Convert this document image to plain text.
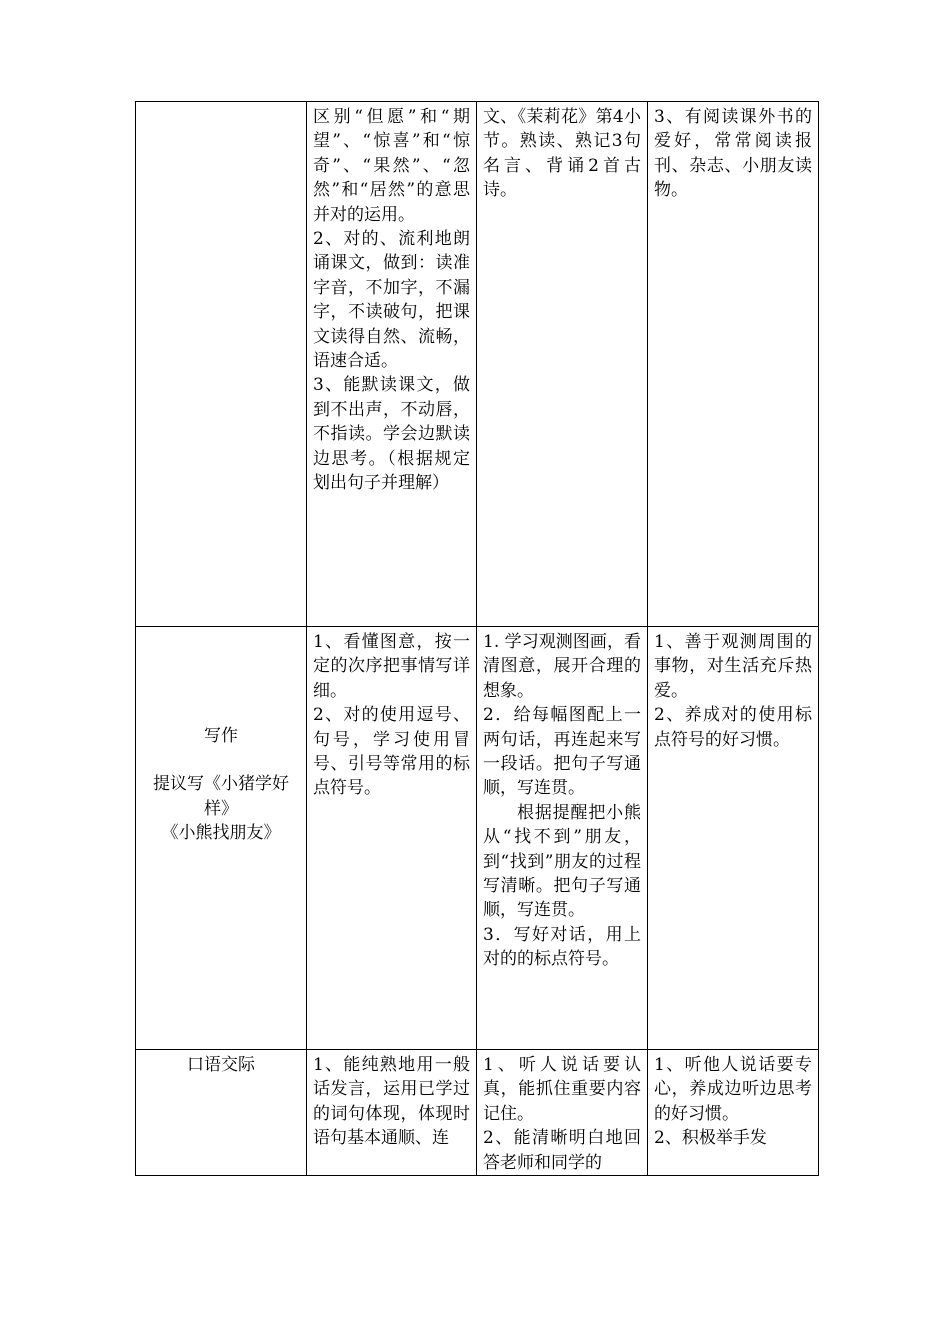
	区别“但愿”和“期望”、“惊喜”和“惊奇”、“果然”、“忽然”和“居然”的意思并对的运用。
2、对的、流利地朗诵课文，做到：读准字音，不加字，不漏字，不读破句，把课文读得自然、流畅，语速合适。
3、能默读课文，做到不出声，不动唇，不指读。学会边默读边思考。（根据规定划出句子并理解）	文、《茉莉花》第4小节。熟读、熟记3句名言、背诵2首古诗。	3、有阅读课外书的爱好，常常阅读报刊、杂志、小朋友读物。

写作
提议写《小猪学好样》
《小熊找朋友》	1、看懂图意，按一定的次序把事情写详细。
2、对的使用逗号、句号，学习使用冒号、引号等常用的标点符号。	1. 学习观测图画，看清图意，展开合理的想象。
2．给每幅图配上一两句话，再连起来写一段话。把句子写通顺，写连贯。
根据提醒把小熊从“找不到”朋友，到“找到”朋友的过程写清晰。把句子写通顺，写连贯。
3．写好对话，用上对的的标点符号。	1、善于观测周围的事物，对生活充斥热爱。
2、养成对的使用标点符号的好习惯。

口语交际	1、能纯熟地用一般话发言，运用已学过的词句体现，体现时语句基本通顺、连	1、听人说话要认真，能抓住重要内容记住。
2、能清晰明白地回答老师和同学的	1、听他人说话要专心，养成边听边思考的好习惯。
2、积极举手发
